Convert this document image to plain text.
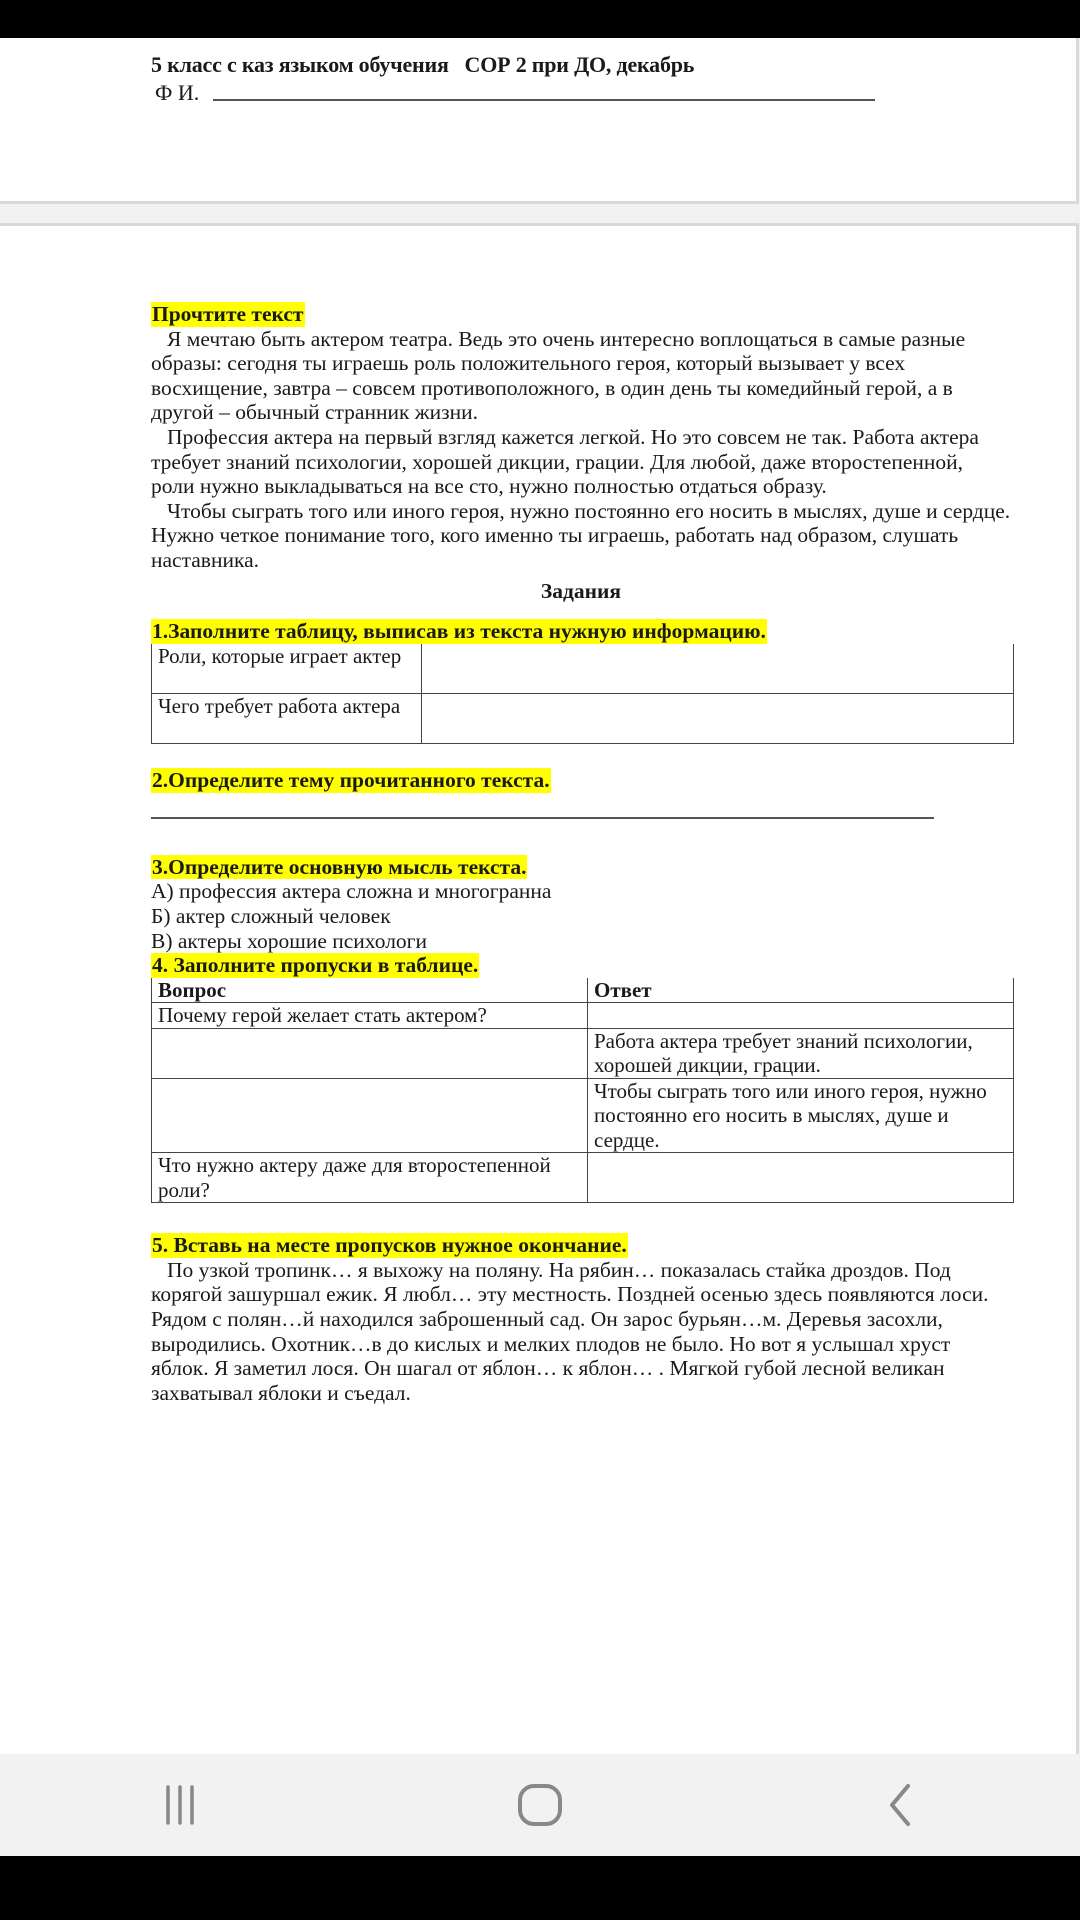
5 класс с каз языком обучения   СОР 2 при ДО, декабрь
Ф И.
Прочтите текст

Я мечтаю быть актером театра. Ведь это очень интересно воплощаться в самые разные образы: сегодня ты играешь роль положительного героя, который вызывает у всех восхищение, завтра – совсем противоположного, в один день ты комедийный герой, а в другой – обычный странник жизни.

Профессия актера на первый взгляд кажется легкой. Но это совсем не так. Работа актера требует знаний психологии, хорошей дикции, грации. Для любой, даже второстепенной, роли нужно выкладываться на все сто, нужно полностью отдаться образу.

Чтобы сыграть того или иного героя, нужно постоянно его носить в мыслях, душе и сердце. Нужно четкое понимание того, кого именно ты играешь, работать над образом, слушать наставника.

Задания
1.Заполните таблицу, выписав из текста нужную информацию.
Роли, которые играет актер	
Чего требует работа актера	
2.Определите тему прочитанного текста.
3.Определите основную мысль текста.
А) профессия актера сложна и многогранна
Б) актер сложный человек
В) актеры хорошие психологи
4. Заполните пропуски в таблице.
Вопрос	Ответ
Почему герой желает стать актером?	
	Работа актера требует знаний психологии, хорошей дикции, грации.
	Чтобы сыграть того или иного героя, нужно постоянно его носить в мыслях, душе и сердце.
Что нужно актеру даже для второстепенной роли?	
5. Вставь на месте пропусков нужное окончание.

По узкой тропинк… я выхожу на поляну. На рябин… показалась стайка дроздов. Под корягой зашуршал ежик. Я любл… эту местность. Поздней осенью здесь появляются лоси. Рядом с полян…й находился заброшенный сад. Он зарос бурьян…м. Деревья засохли, выродились. Охотник…в до кислых и мелких плодов не было. Но вот я услышал хруст яблок. Я заметил лося. Он шагал от яблон… к яблон… . Мягкой губой лесной великан захватывал яблоки и съедал.
